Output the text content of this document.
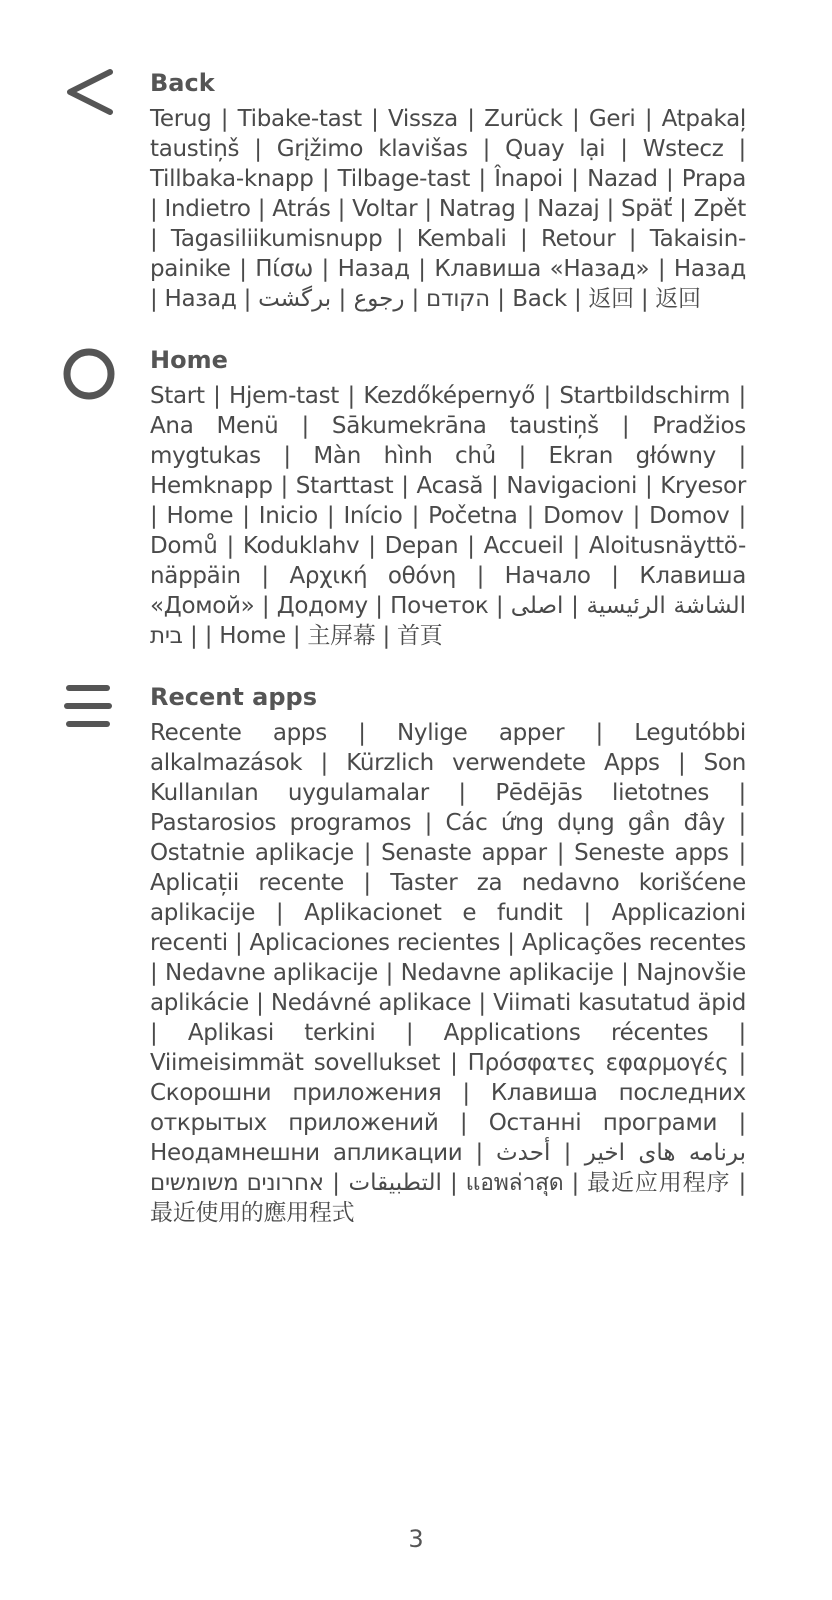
Back
Terug | Tibake-tast | Vissza | Zurück | Geri | Atpakaļ taustiņš | Grįžimo klavišas | Quay lại | Wstecz | Tillbaka-knapp | Tilbage-tast | Înapoi | Nazad | Prapa | Indietro | Atrás | Voltar | Natrag | Nazaj | Späť | Zpět | Tagasiliikumisnupp | Kembali | Retour | Takaisin-painike | Πίσω | Назад | Клавиша «Назад» | Назад | Назад | הקודם | رجوع | برگشت | Back | 返回 | 返回
Home
Start | Hjem-tast | Kezdőképernyő | Startbildschirm | Ana Menü | Sākumekrāna taustiņš | Pradžios mygtukas | Màn hình chủ | Ekran główny | Hemknapp | Starttast | Acasă | Navigacioni | Kryesor | Home | Inicio | Início | Početna | Domov | Domov | Domů | Koduklahv | Depan | Accueil | Aloitusnäyttö-näppäin | Αρχική οθόνη | Начало | Клавиша «Домой» | Додому | Почеток | الشاشة الرئيسية | اصلی | בית | Home | 主屏幕 | 首頁
Recent apps
Recente apps | Nylige apper | Legutóbbi alkalmazások | Kürzlich verwendete Apps | Son Kullanılan uygulamalar | Pēdējās lietotnes | Pastarosios programos | Các ứng dụng gần đây | Ostatnie aplikacje | Senaste appar | Seneste apps | Aplicații recente | Taster za nedavno korišćene aplikacije | Aplikacionet e fundit | Applicazioni recenti | Aplicaciones recientes | Aplicações recentes | Nedavne aplikacije | Nedavne aplikacije | Najnovšie aplikácie | Nedávné aplikace | Viimati kasutatud äpid | Aplikasi terkini | Applications récentes | Viimeisimmät sovellukset | Πρόσφατες εφαρμογές | Скорошни приложения | Клавиша последних открытых приложений | Останні програми | Неодамнешни апликации | برنامه های اخیر | أحدث التطبيقات | אחרונים משומשים | แอพล่าสุด | 最近应用程序 | 最近使用的應用程式
3
